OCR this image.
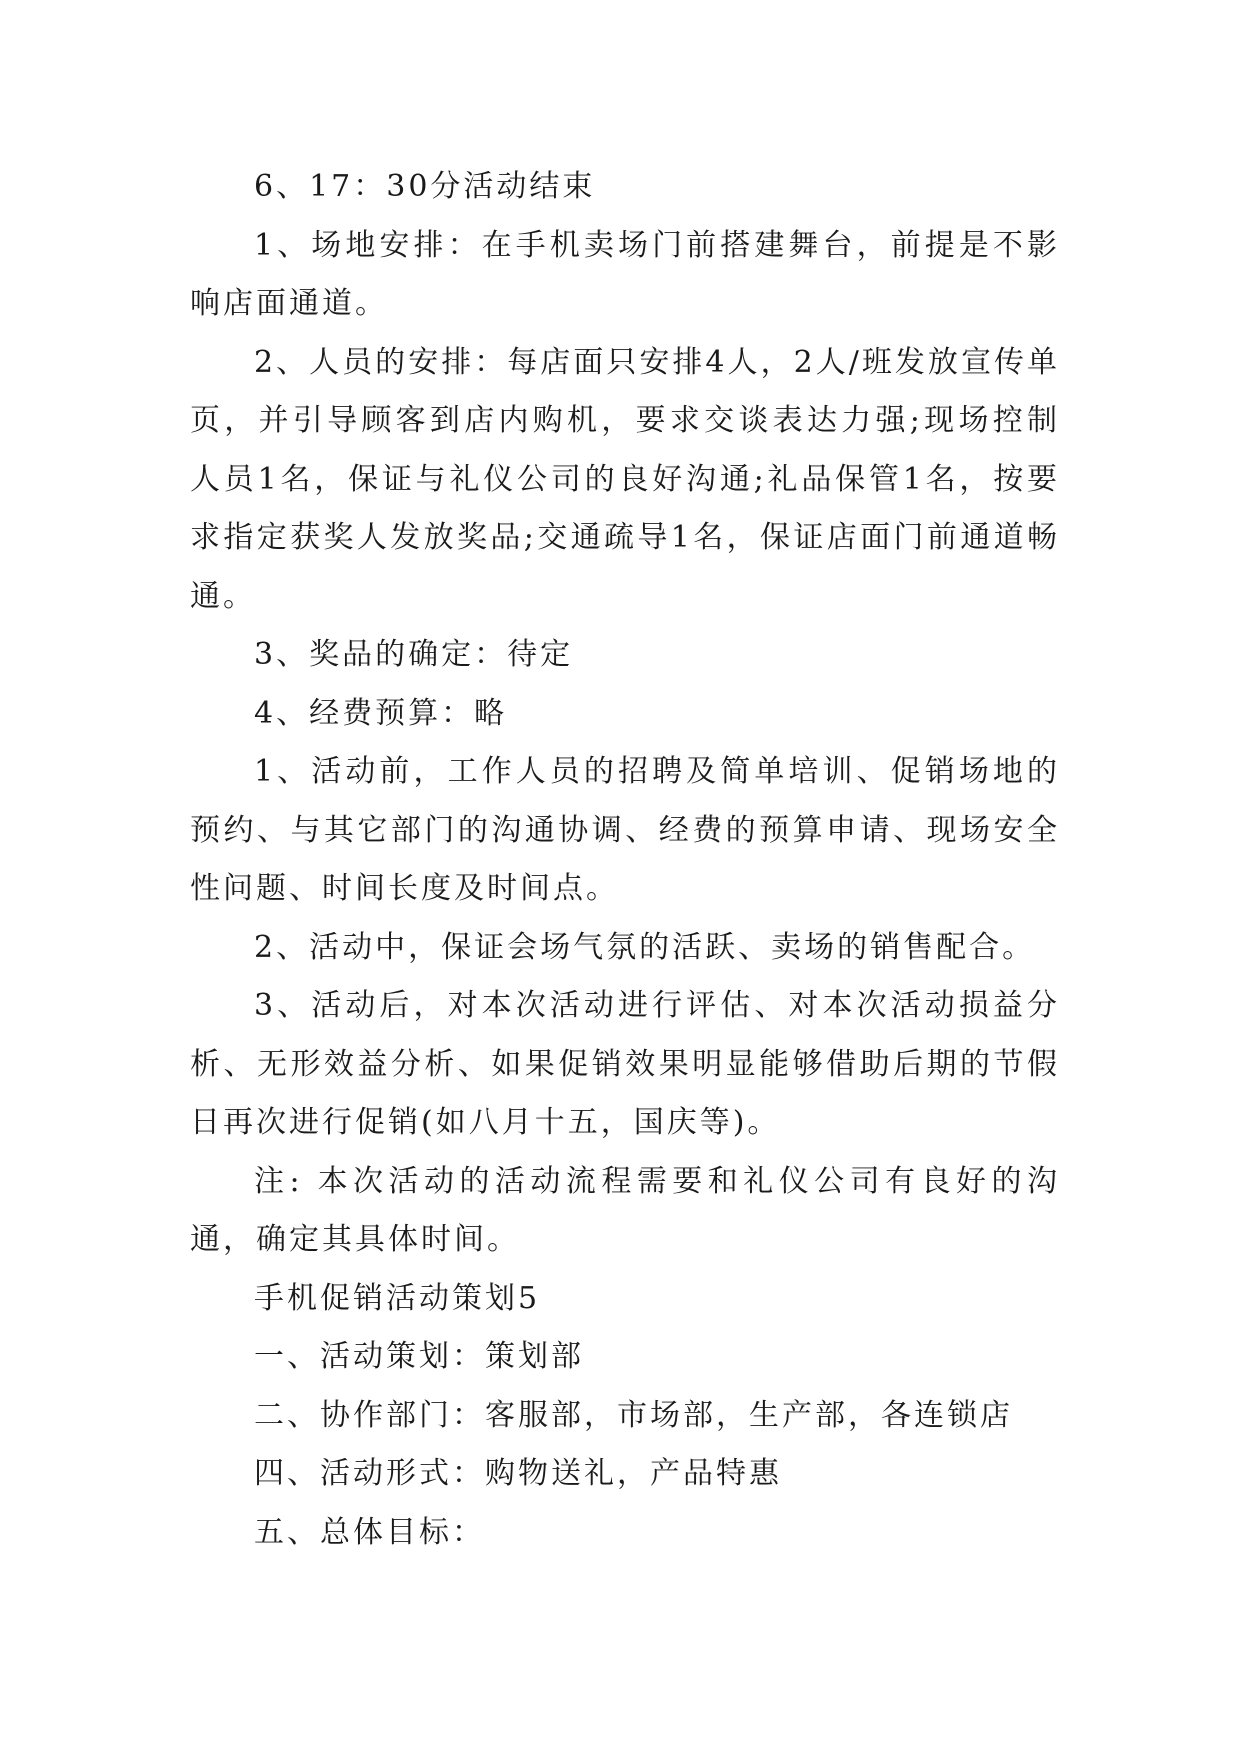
6、17：30分活动结束

1、场地安排：在手机卖场门前搭建舞台，前提是不影响店面通道。

2、人员的安排：每店面只安排4人，2人/班发放宣传单页，并引导顾客到店内购机，要求交谈表达力强;现场控制人员1名，保证与礼仪公司的良好沟通;礼品保管1名，按要求指定获奖人发放奖品;交通疏导1名，保证店面门前通道畅通。

3、奖品的确定：待定

4、经费预算：略

1、活动前，工作人员的招聘及简单培训、促销场地的预约、与其它部门的沟通协调、经费的预算申请、现场安全性问题、时间长度及时间点。

2、活动中，保证会场气氛的活跃、卖场的销售配合。

3、活动后，对本次活动进行评估、对本次活动损益分析、无形效益分析、如果促销效果明显能够借助后期的节假日再次进行促销(如八月十五，国庆等)。

注: 本次活动的活动流程需要和礼仪公司有良好的沟通，确定其具体时间。

手机促销活动策划5

一、活动策划：策划部

二、协作部门：客服部，市场部，生产部，各连锁店

四、活动形式：购物送礼，产品特惠

五、总体目标：
